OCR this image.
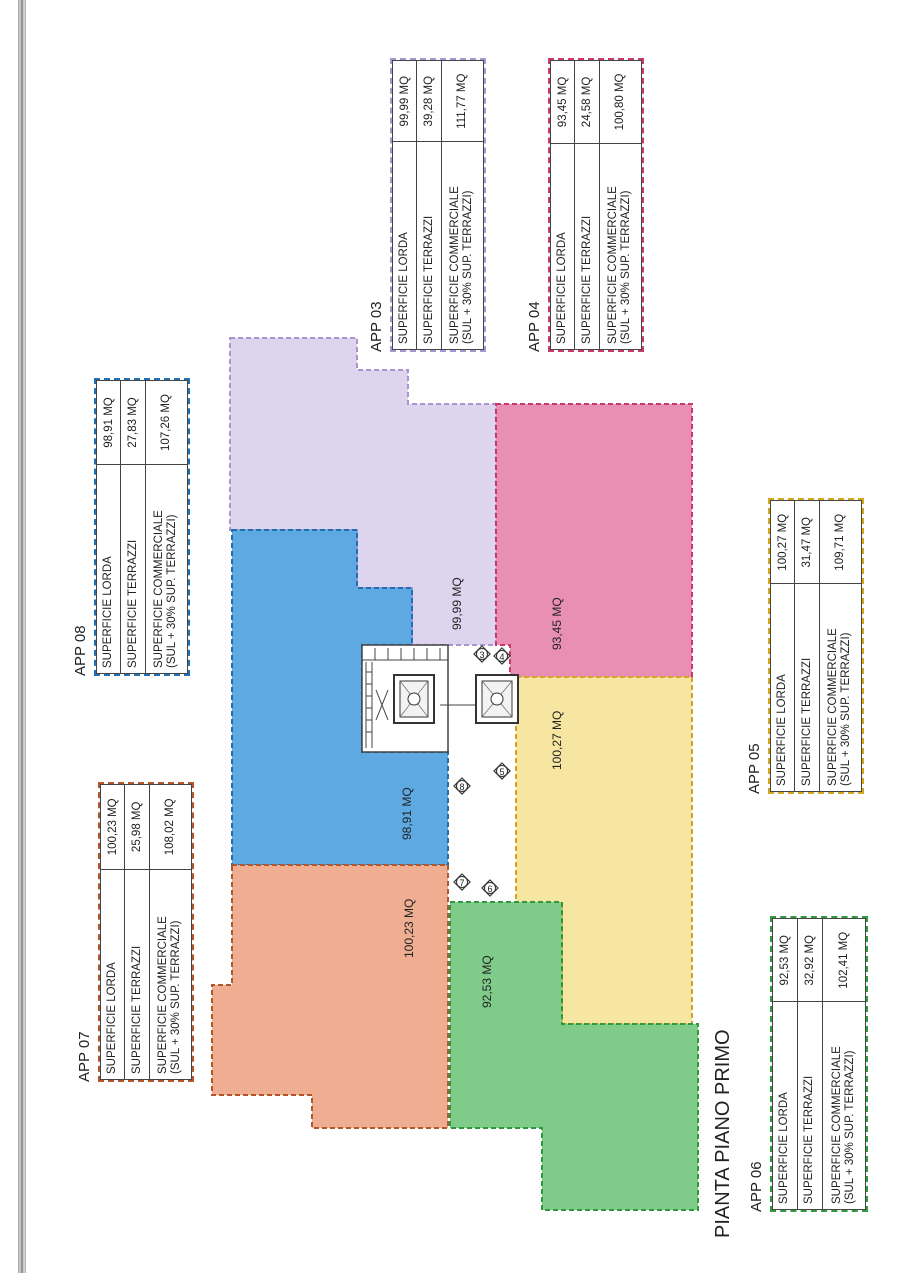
3 4
5
6
7
8
99,99 MQ	93,45 MQ
100,27 MQ
98,91 MQ
100,23 MQ
92,53 MQ
PIANTA PIANO PRIMO
APP 03 SUPERFICIE LORDA	99,99 MQ
SUPERFICIE TERRAZZI	39,28 MQ
SUPERFICIE COMMERCIALE
(SUL + 30% SUP. TERRAZZI)	111,77 MQ
APP 04 SUPERFICIE LORDA	93,45 MQ
SUPERFICIE TERRAZZI	24,58 MQ
SUPERFICIE COMMERCIALE
(SUL + 30% SUP. TERRAZZI)	100,80 MQ
APP 08 SUPERFICIE LORDA	98,91 MQ
SUPERFICIE TERRAZZI	27,83 MQ
SUPERFICIE COMMERCIALE
(SUL + 30% SUP. TERRAZZI)	107,26 MQ
APP 05 SUPERFICIE LORDA	100,27 MQ
SUPERFICIE TERRAZZI	31,47 MQ
SUPERFICIE COMMERCIALE
(SUL + 30% SUP. TERRAZZI)	109,71 MQ
APP 07 SUPERFICIE LORDA	100,23 MQ
SUPERFICIE TERRAZZI	25,98 MQ
SUPERFICIE COMMERCIALE
(SUL + 30% SUP. TERRAZZI)	108,02 MQ
APP 06 SUPERFICIE LORDA	92,53 MQ
SUPERFICIE TERRAZZI	32,92 MQ
SUPERFICIE COMMERCIALE
(SUL + 30% SUP. TERRAZZI)	102,41 MQ
